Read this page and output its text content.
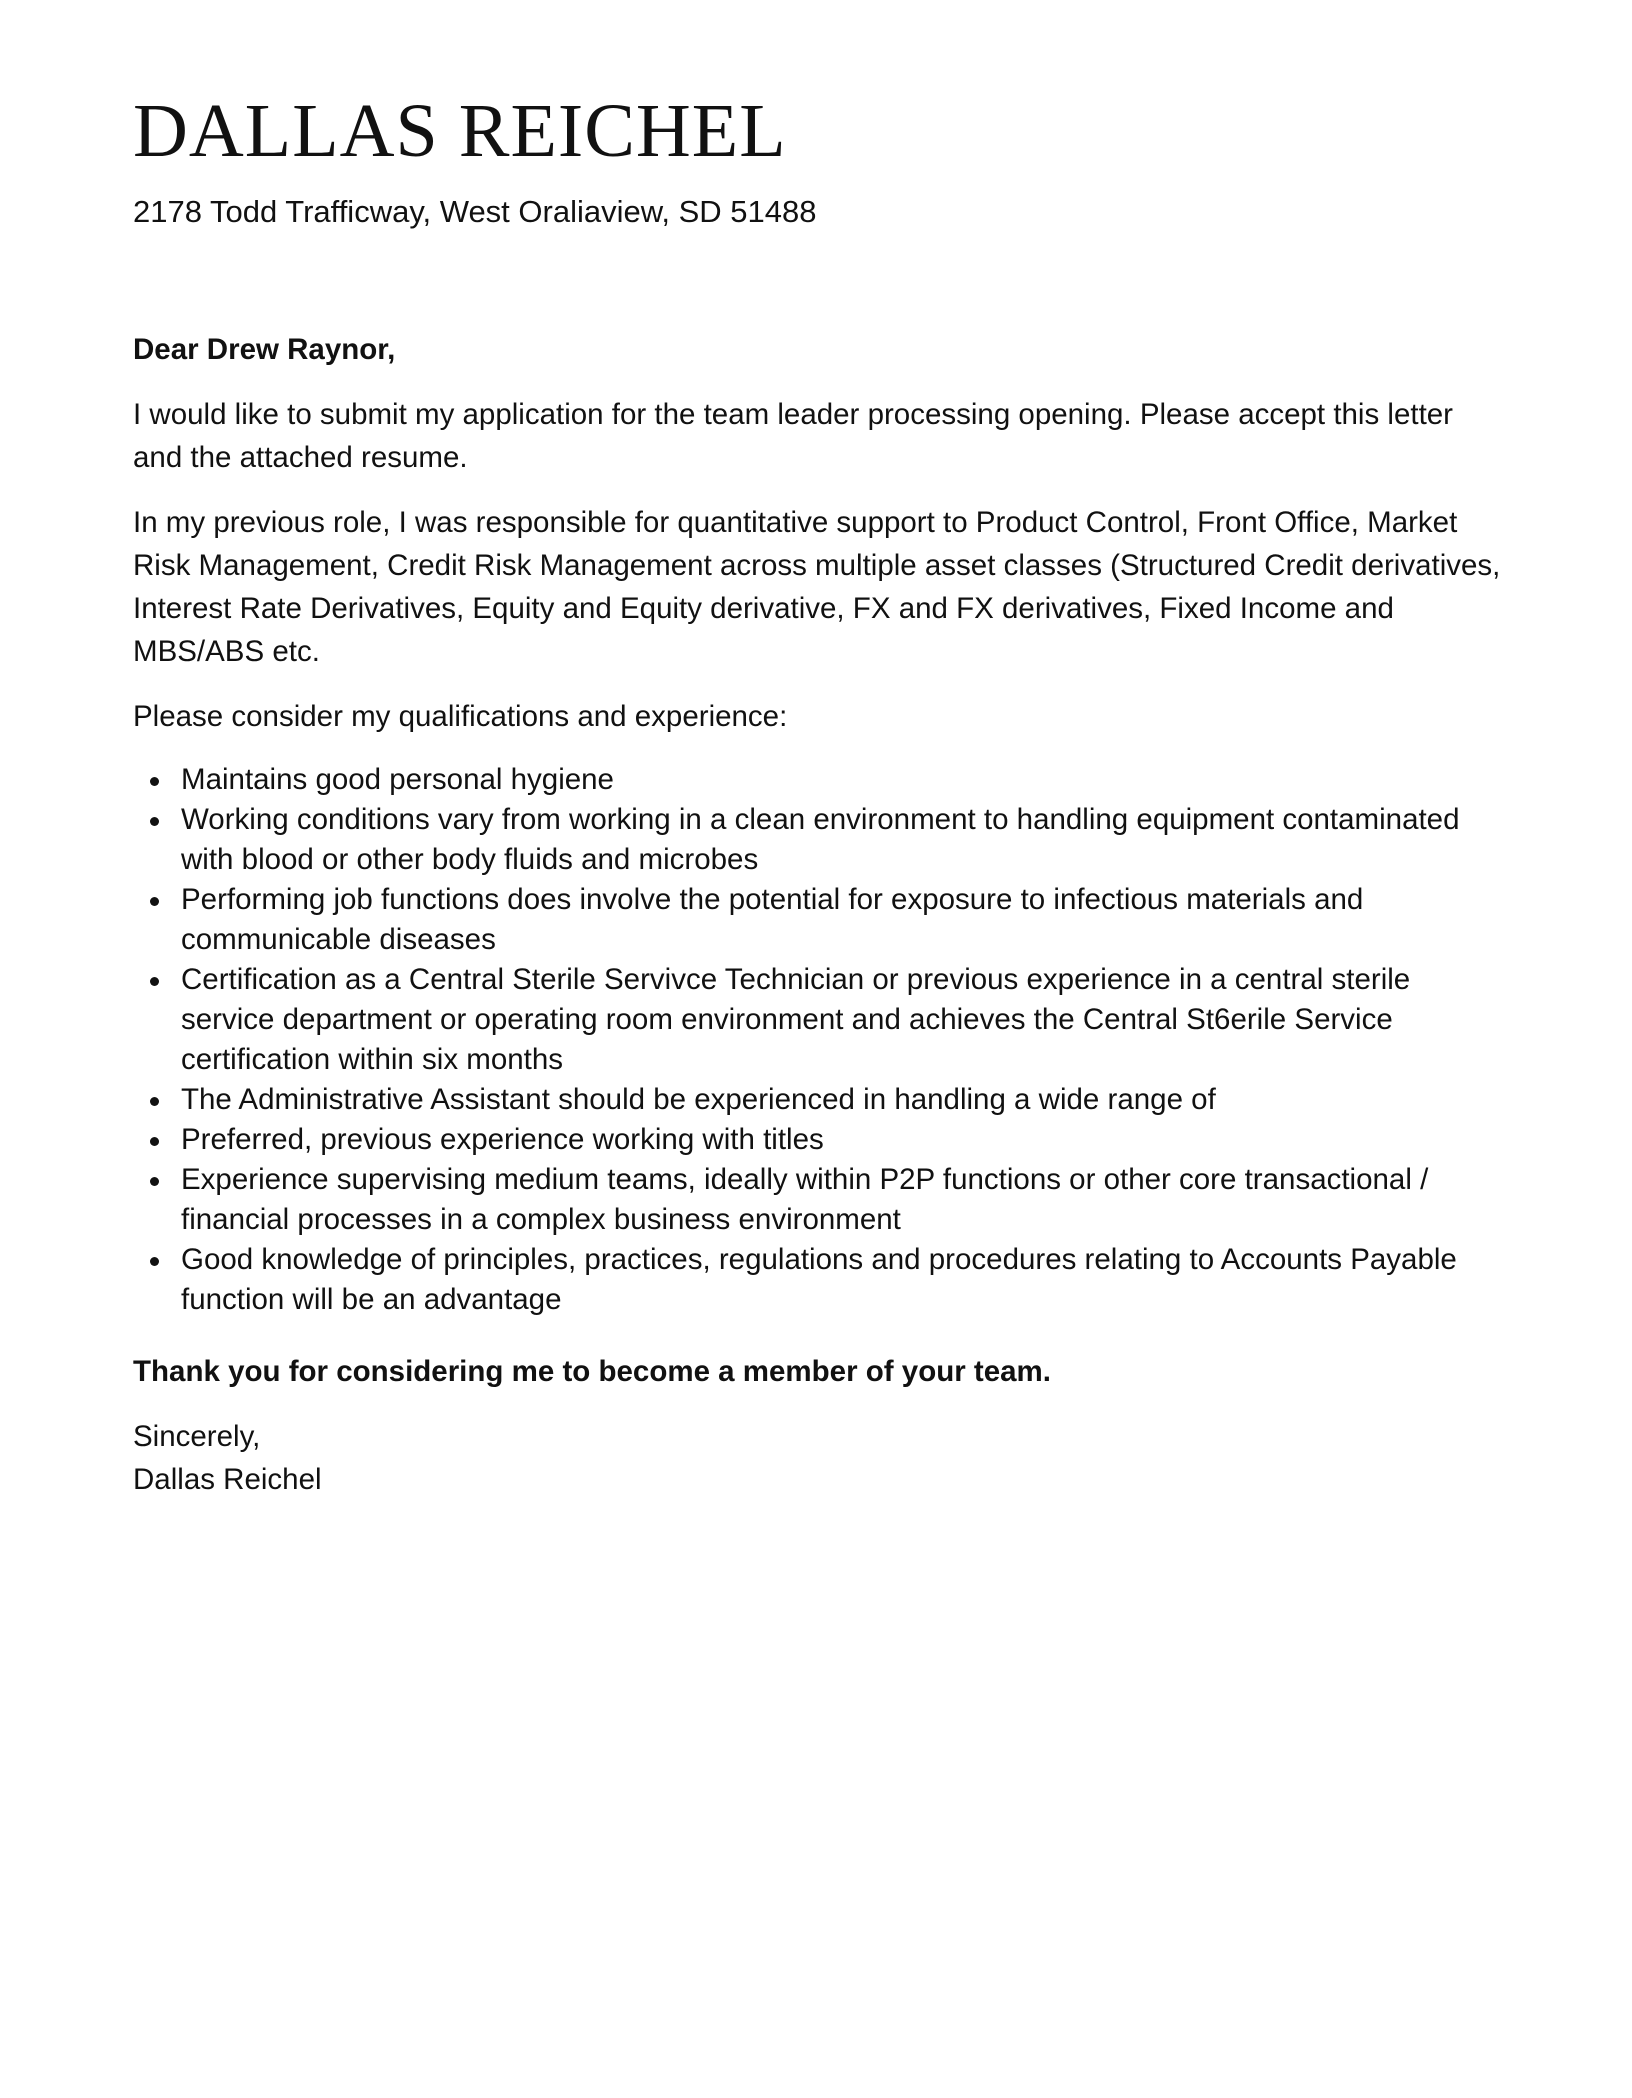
DALLAS REICHEL
2178 Todd Trafficway, West Oraliaview, SD 51488

Dear Drew Raynor,

I would like to submit my application for the team leader processing opening. Please accept this letter and the attached resume.

In my previous role, I was responsible for quantitative support to Product Control, Front Office, Market Risk Management, Credit Risk Management across multiple asset classes (Structured Credit derivatives, Interest Rate Derivatives, Equity and Equity derivative, FX and FX derivatives, Fixed Income and MBS/ABS etc.

Please consider my qualifications and experience:

Maintains good personal hygiene
Working conditions vary from working in a clean environment to handling equipment contaminated with blood or other body fluids and microbes
Performing job functions does involve the potential for exposure to infectious materials and communicable diseases
Certification as a Central Sterile Servivce Technician or previous experience in a central sterile service department or operating room environment and achieves the Central St6erile Service certification within six months
The Administrative Assistant should be experienced in handling a wide range of
Preferred, previous experience working with titles
Experience supervising medium teams, ideally within P2P functions or other core transactional / financial processes in a complex business environment
Good knowledge of principles, practices, regulations and procedures relating to Accounts Payable function will be an advantage

Thank you for considering me to become a member of your team.

Sincerely,
Dallas Reichel
